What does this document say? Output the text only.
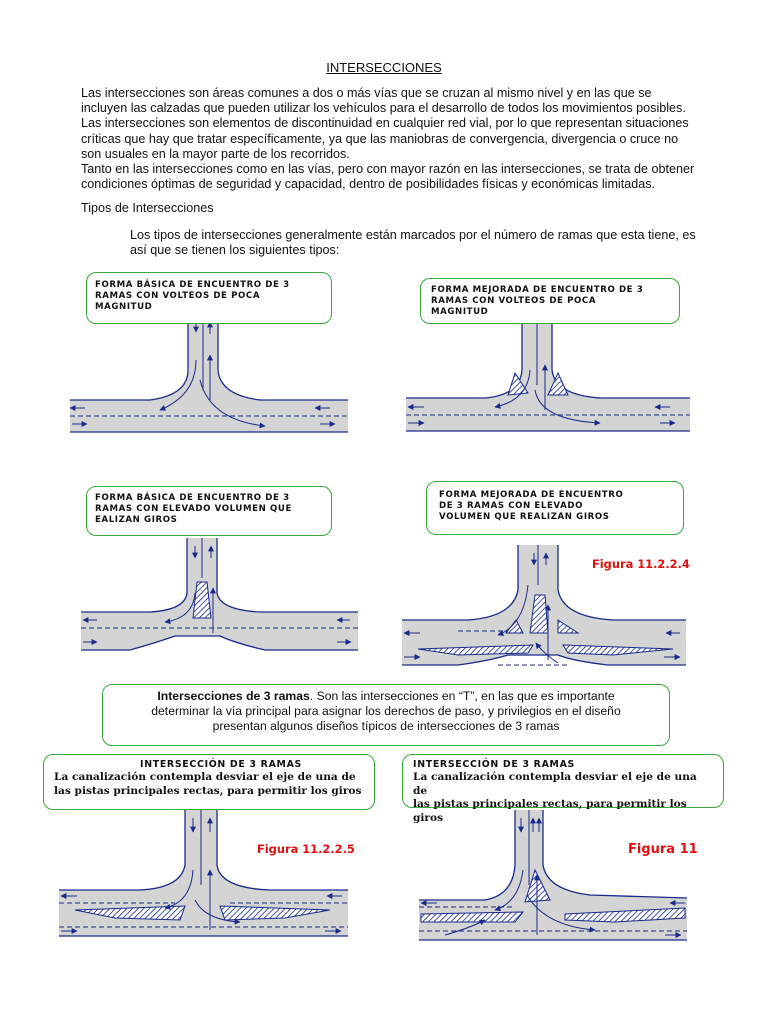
INTERSECCIONES
Las intersecciones son áreas comunes a dos o más vías que se cruzan al mismo nivel y en las que se
incluyen las calzadas que pueden utilizar los vehículos para el desarrollo de todos los movimientos posibles.
Las intersecciones son elementos de discontinuidad en cualquier red vial, por lo que representan situaciones
críticas que hay que tratar específicamente, ya que las maniobras de convergencia, divergencia o cruce no
son usuales en la mayor parte de los recorridos.
Tanto en las intersecciones como en las vías, pero con mayor razón en las intersecciones, se trata de obtener
condiciones óptimas de seguridad y capacidad, dentro de posibilidades físicas y económicas limitadas.
Tipos de Intersecciones
Los tipos de intersecciones generalmente están marcados por el número de ramas que esta tiene, es
así que se tienen los siguientes tipos:
FORMA BÁSICA DE ENCUENTRO DE 3
RAMAS CON VOLTEOS DE POCA
MAGNITUD
FORMA MEJORADA DE ENCUENTRO DE 3
RAMAS CON VOLTEOS DE POCA
MAGNITUD
FORMA BÁSICA DE ENCUENTRO DE 3
RAMAS CON ELEVADO VOLUMEN QUE
EALIZAN GIROS
FORMA MEJORADA DE ENCUENTRO
DE 3 RAMAS CON ELEVADO
VOLUMEN QUE REALIZAN GIROS
Figura 11.2.2.4
Intersecciones de 3 ramas. Son las intersecciones en “T”, en las que es importante
determinar la vía principal para asignar los derechos de paso, y privilegios en el diseño
presentan algunos diseños típicos de intersecciones de 3 ramas
INTERSECCIÓN DE 3 RAMAS
La canalización contempla desviar el eje de una de
las pistas principales rectas, para permitir los giros
Figura 11.2.2.5
INTERSECCIÓN DE 3 RAMAS
La canalización contempla desviar el eje de una de
las pistas principales rectas, para permitir los giros
Figura 11
